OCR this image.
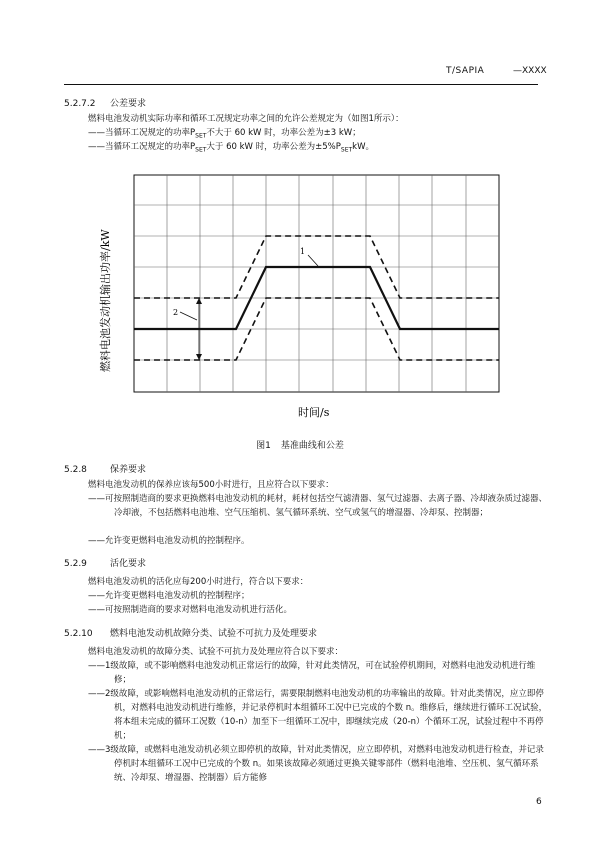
T/SAPIA	—XXXX
5.2.7.2 公差要求
燃料电池发动机实际功率和循环工况规定功率之间的允许公差规定为（如图1所示）：
——当循环工况规定的功率$P_{SET}$不大于 60 kW 时，功率公差为±3 kW；
——当循环工况规定的功率$P_{SET}$大于 60 kW 时，功率公差为$\pm 5\%P_{SET}kW$。
1
2
燃料电池发动机输出功率/kW
时间/s
图1 基准曲线和公差
5.2.8	保养要求
燃料电池发动机的保养应该每500小时进行，且应符合以下要求：
——可按照制造商的要求更换燃料电池发动机的耗材，耗材包括空气滤清器、氢气过滤器、去离子器、冷却液杂质过滤器、冷却液，不包括燃料电池堆、空气压缩机、氢气循环系统、空气或氢气的增湿器、冷却泵、控制器；
——允许变更燃料电池发动机的控制程序。
5.2.9	活化要求
燃料电池发动机的活化应每200小时进行，符合以下要求：
——允许变更燃料电池发动机的控制程序；
——可按照制造商的要求对燃料电池发动机进行活化。
5.2.10 燃料电池发动机故障分类、试验不可抗力及处理要求
燃料电池发动机的故障分类、试验不可抗力及处理应符合以下要求：
——1级故障，或不影响燃料电池发动机正常运行的故障，针对此类情况，可在试验停机期间，对燃料电池发动机进行维修；
——2级故障，或影响燃料电池发动机的正常运行，需要限制燃料电池发动机的功率输出的故障。针对此类情况，应立即停机，对燃料电池发动机进行维修，并记录停机时本组循环工况中已完成的个数 n。维修后，继续进行循环工况试验，将本组未完成的循环工况数（10-n）加至下一组循环工况中，即继续完成（20-n）个循环工况，试验过程中不再停机；
——3级故障，或燃料电池发动机必须立即停机的故障，针对此类情况，应立即停机，对燃料电池发动机进行检查，并记录停机时本组循环工况中已完成的个数 n。如果该故障必须通过更换关键零部件（燃料电池堆、空压机、氢气循环系统、冷却泵、增湿器、控制器）后方能修
6
